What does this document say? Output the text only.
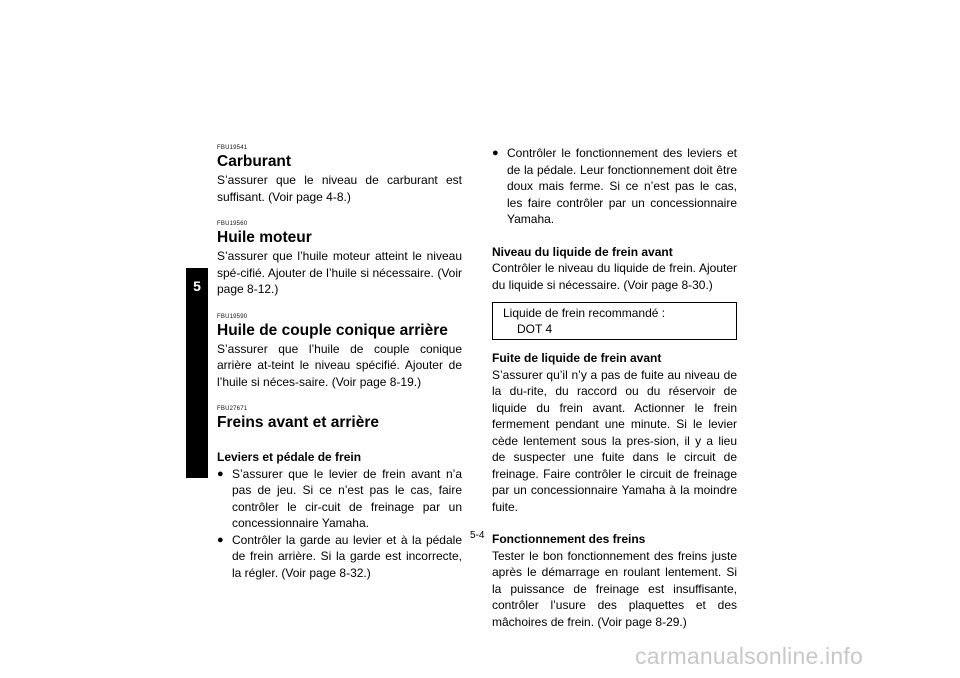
5

FBU19541

Carburant

S’assurer que le niveau de carburant est suffisant. (Voir page 4-8.)

FBU19560

Huile moteur

S’assurer que l’huile moteur atteint le niveau spé-cifié. Ajouter de l’huile si nécessaire. (Voir page 8-12.)

FBU19590

Huile de couple conique arrière

S’assurer que l’huile de couple conique arrière at-teint le niveau spécifié. Ajouter de l’huile si néces-saire. (Voir page 8-19.)

FBU27671

Freins avant et arrière

Leviers et pédale de frein

● S’assurer que le levier de frein avant n’a pas de jeu. Si ce n’est pas le cas, faire contrôler le cir-cuit de freinage par un concessionnaire Yamaha.
● Contrôler la garde au levier et à la pédale de frein arrière. Si la garde est incorrecte, la régler. (Voir page 8-32.)
● Contrôler le fonctionnement des leviers et de la pédale. Leur fonctionnement doit être doux mais ferme. Si ce n’est pas le cas, les faire contrôler par un concessionnaire Yamaha.

Niveau du liquide de frein avant

Contrôler le niveau du liquide de frein. Ajouter du liquide si nécessaire. (Voir page 8-30.)

Liquide de frein recommandé :
DOT 4

Fuite de liquide de frein avant

S’assurer qu’il n’y a pas de fuite au niveau de la du-rite, du raccord ou du réservoir de liquide du frein avant. Actionner le frein fermement pendant une minute. Si le levier cède lentement sous la pres-sion, il y a lieu de suspecter une fuite dans le circuit de freinage. Faire contrôler le circuit de freinage par un concessionnaire Yamaha à la moindre fuite.

Fonctionnement des freins

Tester le bon fonctionnement des freins juste après le démarrage en roulant lentement. Si la puissance de freinage est insuffisante, contrôler l’usure des plaquettes et des mâchoires de frein. (Voir page 8-29.)

5-4
carmanualsonline.info
